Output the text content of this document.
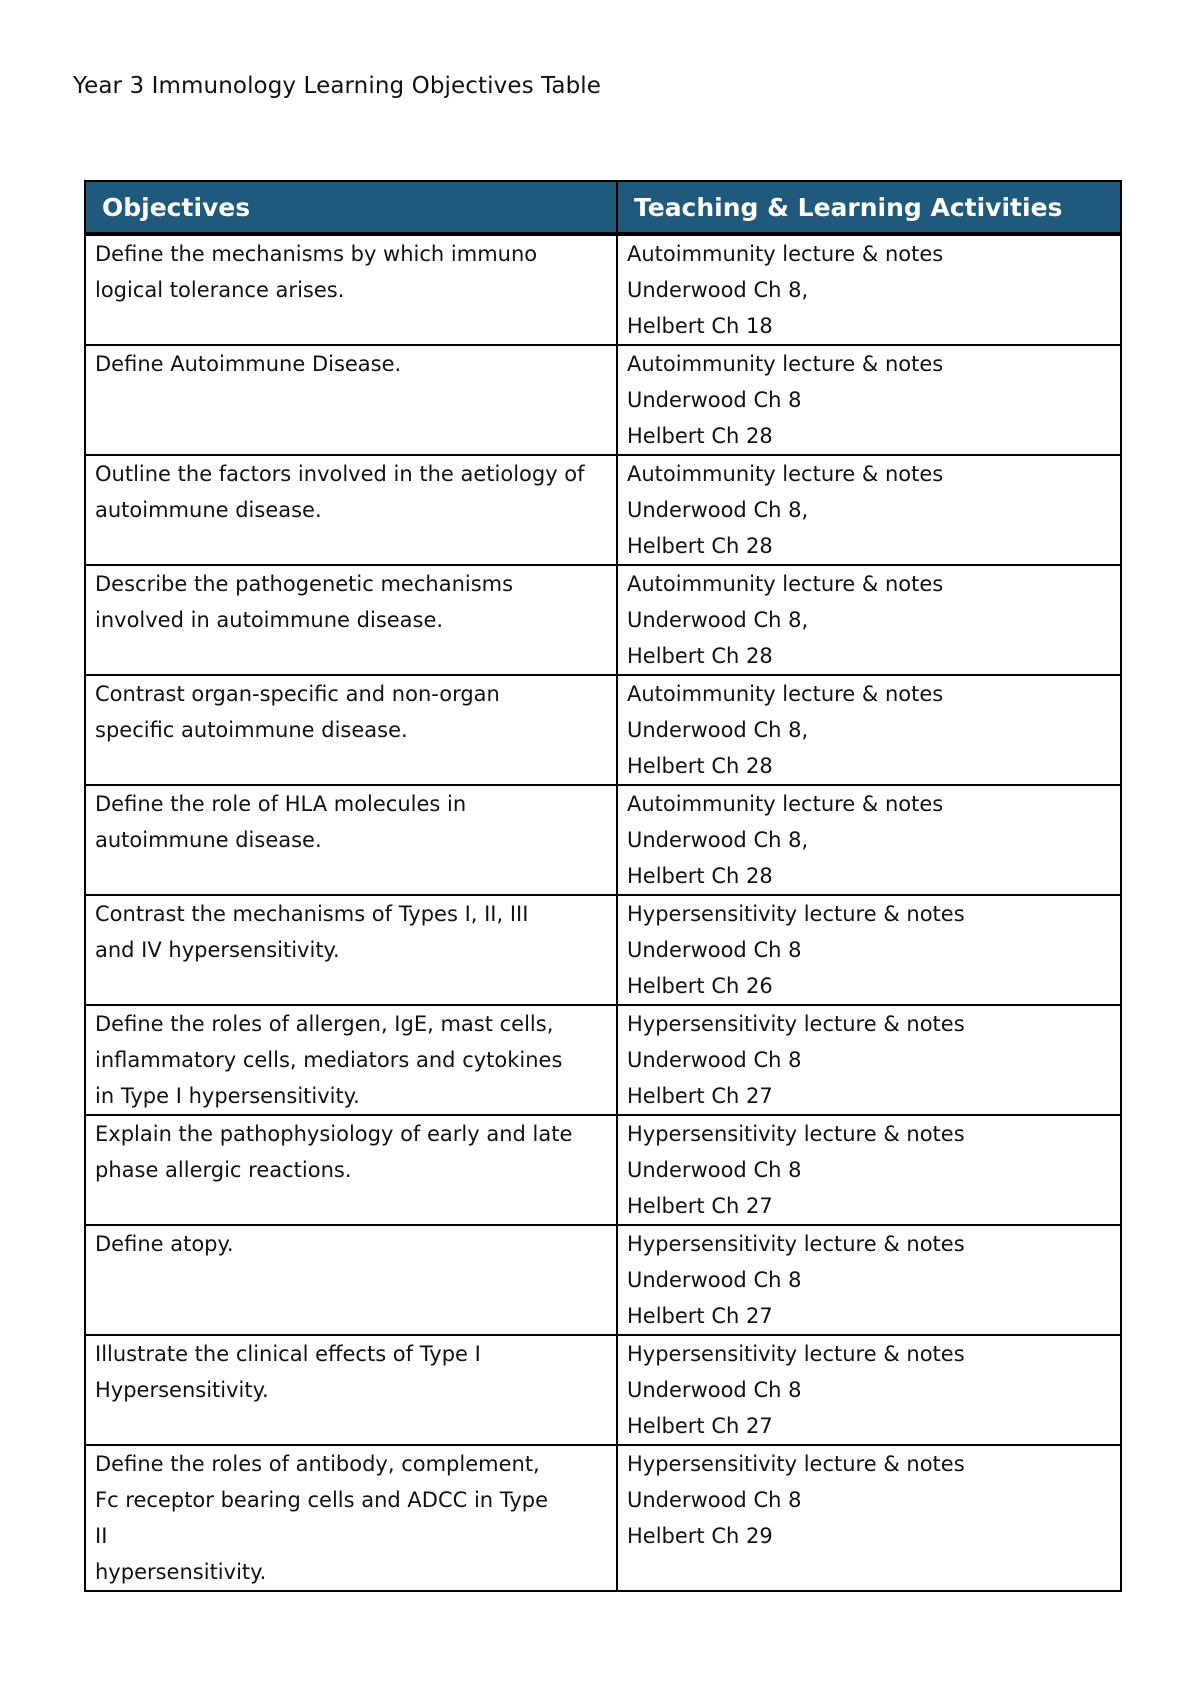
Year 3 Immunology Learning Objectives Table
Objectives	Teaching & Learning Activities

Define the mechanisms by which immuno
logical tolerance arises.	Autoimmunity lecture & notes
Underwood Ch 8,
Helbert Ch 18

Define Autoimmune Disease.	Autoimmunity lecture & notes
Underwood Ch 8
Helbert Ch 28

Outline the factors involved in the aetiology of
autoimmune disease.	Autoimmunity lecture & notes
Underwood Ch 8,
Helbert Ch 28

Describe the pathogenetic mechanisms
involved in autoimmune disease.	Autoimmunity lecture & notes
Underwood Ch 8,
Helbert Ch 28

Contrast organ-specific and non-organ
specific autoimmune disease.	Autoimmunity lecture & notes
Underwood Ch 8,
Helbert Ch 28

Define the role of HLA molecules in
autoimmune disease.	Autoimmunity lecture & notes
Underwood Ch 8,
Helbert Ch 28

Contrast the mechanisms of Types I, II, III
and IV hypersensitivity.	Hypersensitivity lecture & notes
Underwood Ch 8
Helbert Ch 26

Define the roles of allergen, IgE, mast cells,
inflammatory cells, mediators and cytokines
in Type I hypersensitivity.	Hypersensitivity lecture & notes
Underwood Ch 8
Helbert Ch 27

Explain the pathophysiology of early and late
phase allergic reactions.	Hypersensitivity lecture & notes
Underwood Ch 8
Helbert Ch 27

Define atopy.	Hypersensitivity lecture & notes
Underwood Ch 8
Helbert Ch 27

Illustrate the clinical effects of Type I
Hypersensitivity.	Hypersensitivity lecture & notes
Underwood Ch 8
Helbert Ch 27

Define the roles of antibody, complement,
Fc receptor bearing cells and ADCC in Type
II
hypersensitivity.	Hypersensitivity lecture & notes
Underwood Ch 8
Helbert Ch 29
